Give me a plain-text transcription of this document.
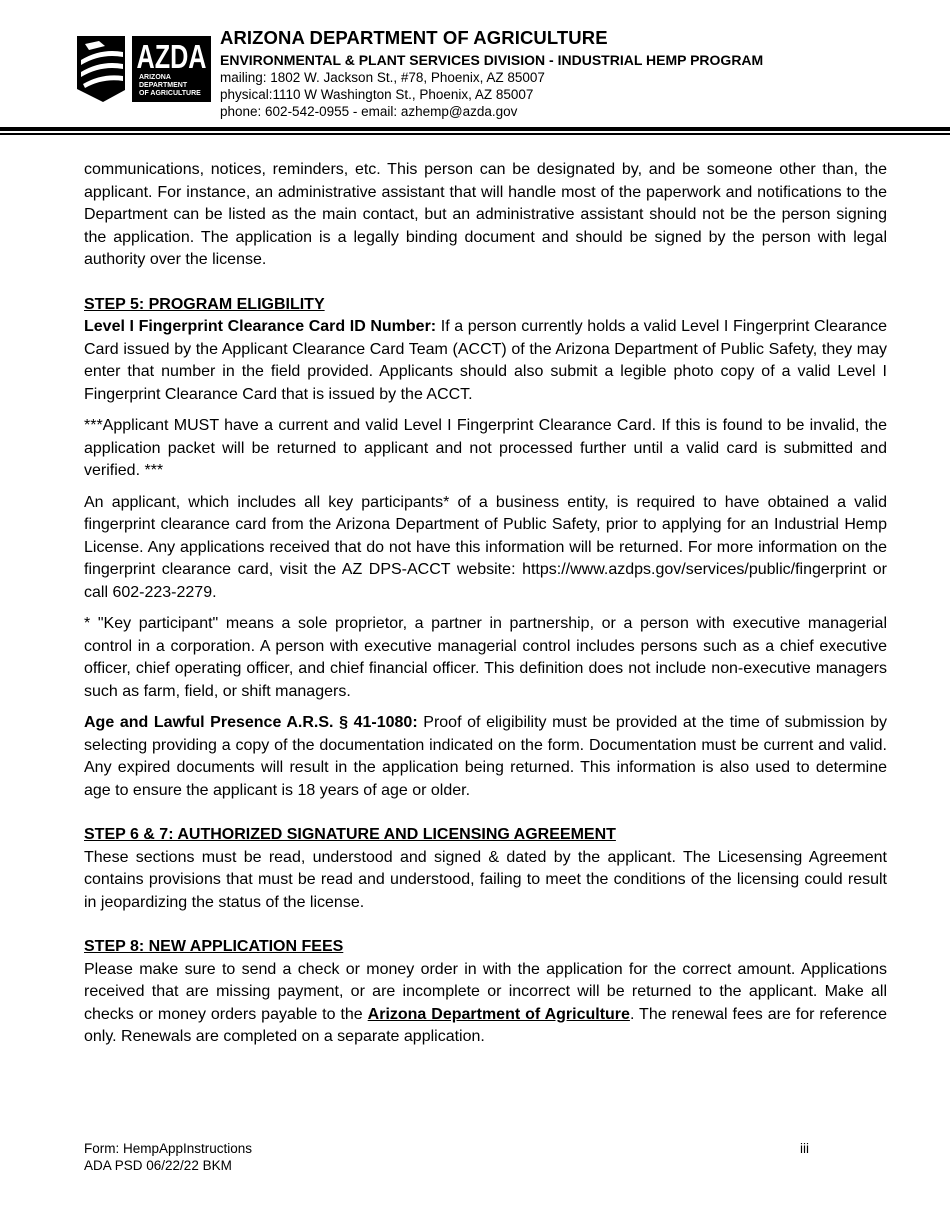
AZDA
ARIZONA
DEPARTMENT
OF AGRICULTURE
ARIZONA DEPARTMENT OF AGRICULTURE
ENVIRONMENTAL & PLANT SERVICES DIVISION - INDUSTRIAL HEMP PROGRAM
mailing: 1802 W. Jackson St., #78, Phoenix, AZ 85007
physical:1110 W Washington St., Phoenix, AZ 85007
phone: 602-542-0955 - email: azhemp@azda.gov

communications, notices, reminders, etc. This person can be designated by, and be someone other than, the applicant. For instance, an administrative assistant that will handle most of the paperwork and notifications to the Department can be listed as the main contact, but an administrative assistant should not be the person signing the application. The application is a legally binding document and should be signed by the person with legal authority over the license.

STEP 5: PROGRAM ELIGBILITY

Level I Fingerprint Clearance Card ID Number: If a person currently holds a valid Level I Fingerprint Clearance Card issued by the Applicant Clearance Card Team (ACCT) of the Arizona Department of Public Safety, they may enter that number in the field provided. Applicants should also submit a legible photo copy of a valid Level I Fingerprint Clearance Card that is issued by the ACCT.

***Applicant MUST have a current and valid Level I Fingerprint Clearance Card. If this is found to be invalid, the application packet will be returned to applicant and not processed further until a valid card is submitted and verified. ***

An applicant, which includes all key participants* of a business entity, is required to have obtained a valid fingerprint clearance card from the Arizona Department of Public Safety, prior to applying for an Industrial Hemp License. Any applications received that do not have this information will be returned. For more information on the fingerprint clearance card, visit the AZ DPS-ACCT website: https://www.azdps.gov/services/public/fingerprint or call 602-223-2279.

* "Key participant" means a sole proprietor, a partner in partnership, or a person with executive managerial control in a corporation. A person with executive managerial control includes persons such as a chief executive officer, chief operating officer, and chief financial officer. This definition does not include non-executive managers such as farm, field, or shift managers.

Age and Lawful Presence A.R.S. § 41-1080: Proof of eligibility must be provided at the time of submission by selecting providing a copy of the documentation indicated on the form. Documentation must be current and valid. Any expired documents will result in the application being returned. This information is also used to determine age to ensure the applicant is 18 years of age or older.

STEP 6 & 7: AUTHORIZED SIGNATURE AND LICENSING AGREEMENT

These sections must be read, understood and signed & dated by the applicant. The Licesensing Agreement contains provisions that must be read and understood, failing to meet the conditions of the licensing could result in jeopardizing the status of the license.

STEP 8: NEW APPLICATION FEES

Please make sure to send a check or money order in with the application for the correct amount. Applications received that are missing payment, or are incomplete or incorrect will be returned to the applicant. Make all checks or money orders payable to the Arizona Department of Agriculture. The renewal fees are for reference only. Renewals are completed on a separate application.

Form: HempAppInstructions
ADA PSD 06/22/22 BKM
iii
